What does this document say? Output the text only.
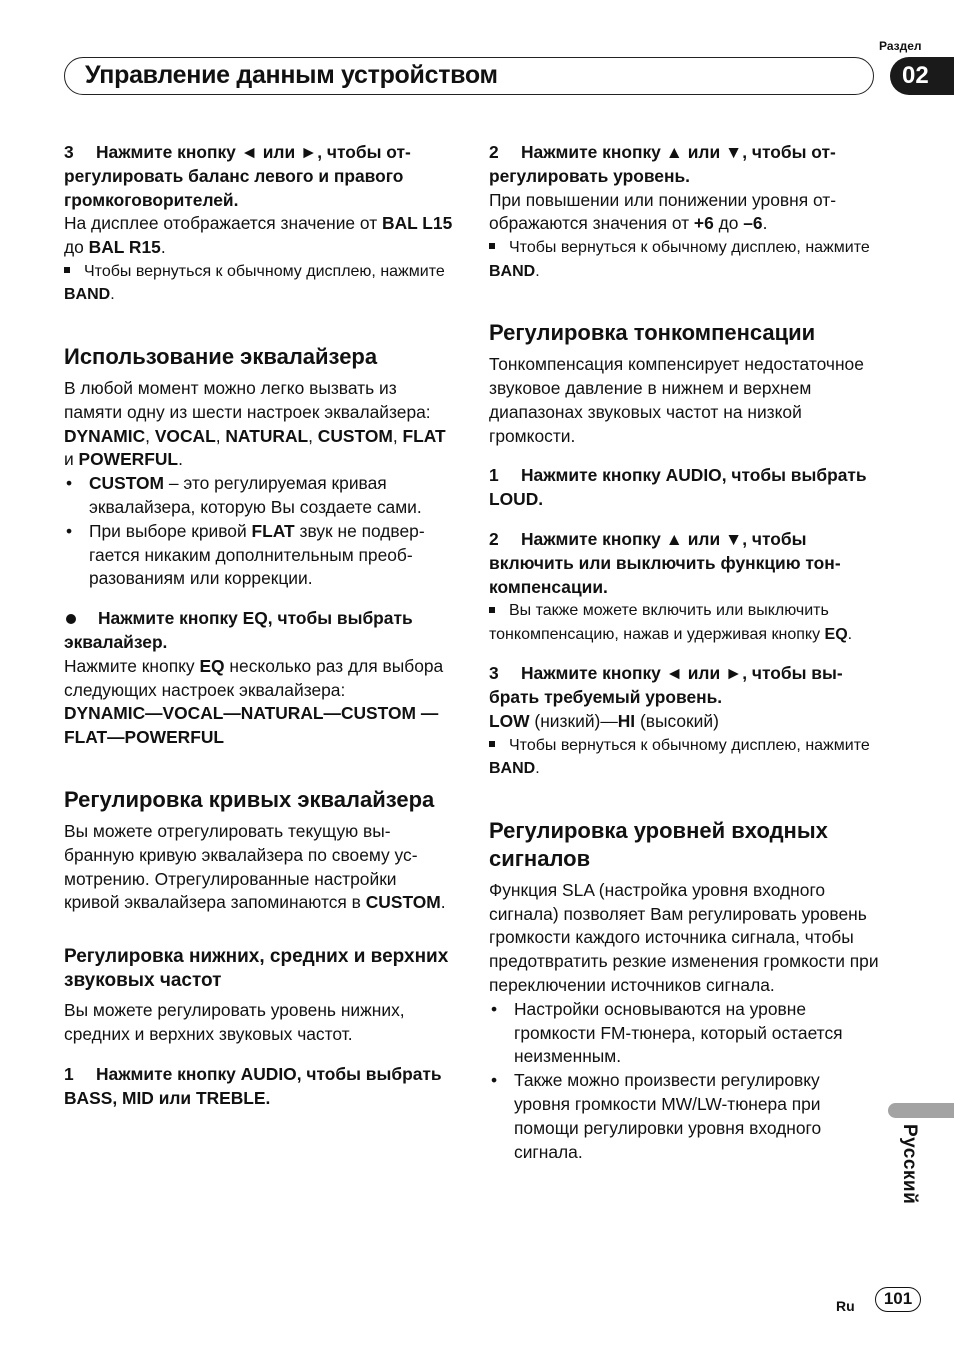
Раздел
02
Управление данным устройством

3 Нажмите кнопку ◄ или ►, чтобы отрегулировать баланс левого и правого громкоговорителей.

На дисплее отображается значение от BAL L15 до BAL R15.

Чтобы вернуться к обычному дисплею, нажмите BAND.

Использование эквалайзера

В любой момент можно легко вызвать из памяти одну из шести настроек эквалайзера: DYNAMIC, VOCAL, NATURAL, CUSTOM, FLAT и POWERFUL.

• CUSTOM – это регулируемая кривая эквалайзера, которую Вы создаете сами.

• При выборе кривой FLAT звук не подвергается никаким дополнительным преобразованиям или коррекции.

Нажмите кнопку EQ, чтобы выбрать эквалайзер.

Нажмите кнопку EQ несколько раз для выбора следующих настроек эквалайзера:

DYNAMIC—VOCAL—NATURAL—CUSTOM —FLAT—POWERFUL

Регулировка кривых эквалайзера

Вы можете отрегулировать текущую выбранную кривую эквалайзера по своему усмотрению. Отрегулированные настройки кривой эквалайзера запоминаются в CUSTOM.

Регулировка нижних, средних и верхних звуковых частот

Вы можете регулировать уровень нижних, средних и верхних звуковых частот.

1 Нажмите кнопку AUDIO, чтобы выбрать BASS, MID или TREBLE.

2 Нажмите кнопку ▲ или ▼, чтобы отрегулировать уровень.

При повышении или понижении уровня отображаются значения от +6 до –6.

Чтобы вернуться к обычному дисплею, нажмите BAND.

Регулировка тонкомпенсации

Тонкомпенсация компенсирует недостаточное звуковое давление в нижнем и верхнем диапазонах звуковых частот на низкой громкости.

1 Нажмите кнопку AUDIO, чтобы выбрать LOUD.

2 Нажмите кнопку ▲ или ▼, чтобы включить или выключить функцию тонкомпенсации.

Вы также можете включить или выключить тонкомпенсацию, нажав и удерживая кнопку EQ.

3 Нажмите кнопку ◄ или ►, чтобы выбрать требуемый уровень.

LOW (низкий)—HI (высокий)

Чтобы вернуться к обычному дисплею, нажмите BAND.

Регулировка уровней входных сигналов

Функция SLA (настройка уровня входного сигнала) позволяет Вам регулировать уровень громкости каждого источника сигнала, чтобы предотвратить резкие изменения громкости при переключении источников сигнала.

• Настройки основываются на уровне громкости FM-тюнера, который остается неизменным.

• Также можно произвести регулировку уровня громкости MW/LW-тюнера при помощи регулировки уровня входного сигнала.	Русский
Ru	101
